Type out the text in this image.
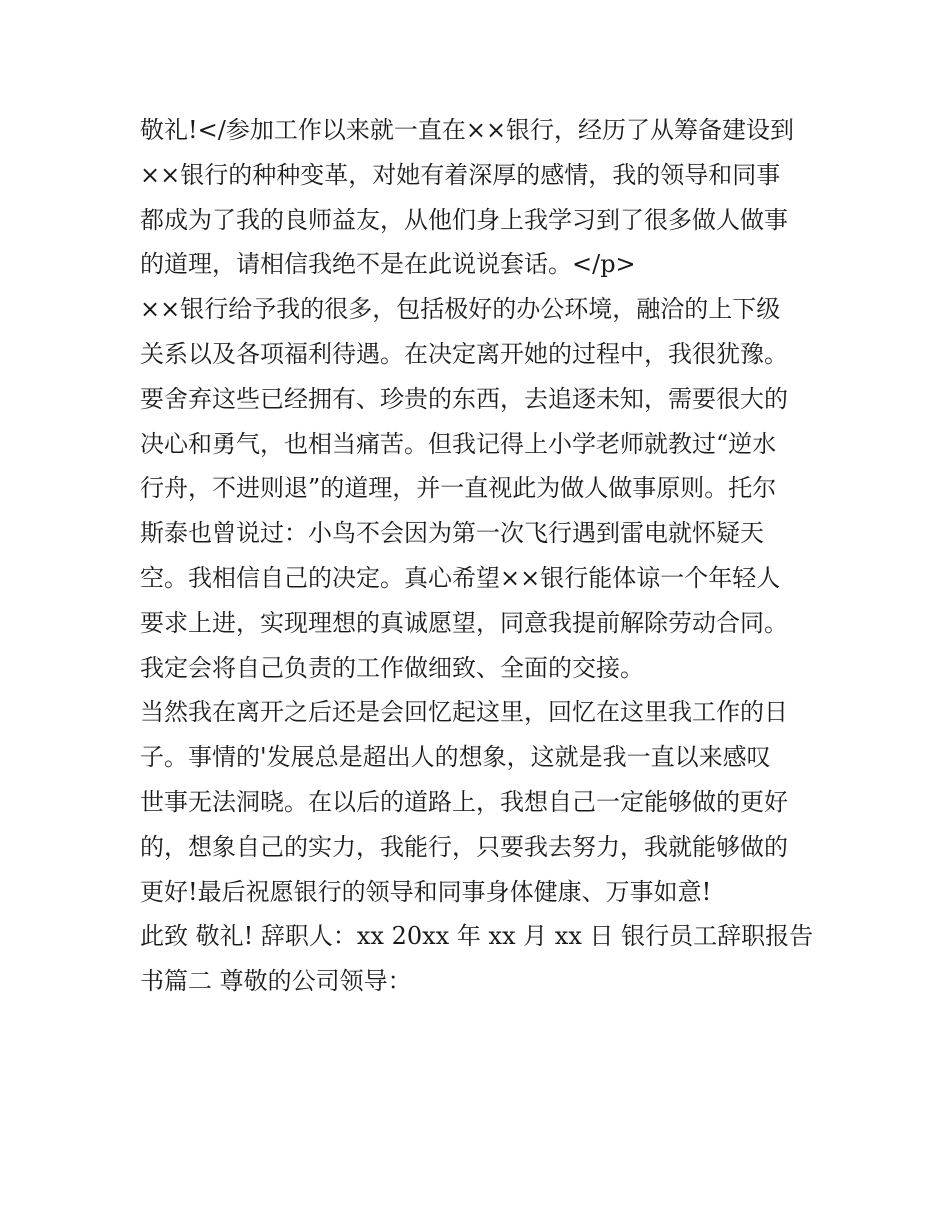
敬礼!</参加工作以来就一直在××银行，经历了从筹备建设到
××银行的种种变革，对她有着深厚的感情，我的领导和同事
都成为了我的良师益友，从他们身上我学习到了很多做人做事
的道理，请相信我绝不是在此说说套话。</p>
××银行给予我的很多，包括极好的办公环境，融洽的上下级
关系以及各项福利待遇。在决定离开她的过程中，我很犹豫。
要舍弃这些已经拥有、珍贵的东西，去追逐未知，需要很大的
决心和勇气，也相当痛苦。但我记得上小学老师就教过“逆水
行舟，不进则退”的道理，并一直视此为做人做事原则。托尔
斯泰也曾说过：小鸟不会因为第一次飞行遇到雷电就怀疑天
空。我相信自己的决定。真心希望××银行能体谅一个年轻人
要求上进，实现理想的真诚愿望，同意我提前解除劳动合同。
我定会将自己负责的工作做细致、全面的交接。
当然我在离开之后还是会回忆起这里，回忆在这里我工作的日
子。事情的'发展总是超出人的想象，这就是我一直以来感叹
世事无法洞晓。在以后的道路上，我想自己一定能够做的更好
的，想象自己的实力，我能行，只要我去努力，我就能够做的
更好!最后祝愿银行的领导和同事身体健康、万事如意!
此致 敬礼! 辞职人：xx 20xx 年 xx 月 xx 日 银行员工辞职报告
书篇二 尊敬的公司领导：
